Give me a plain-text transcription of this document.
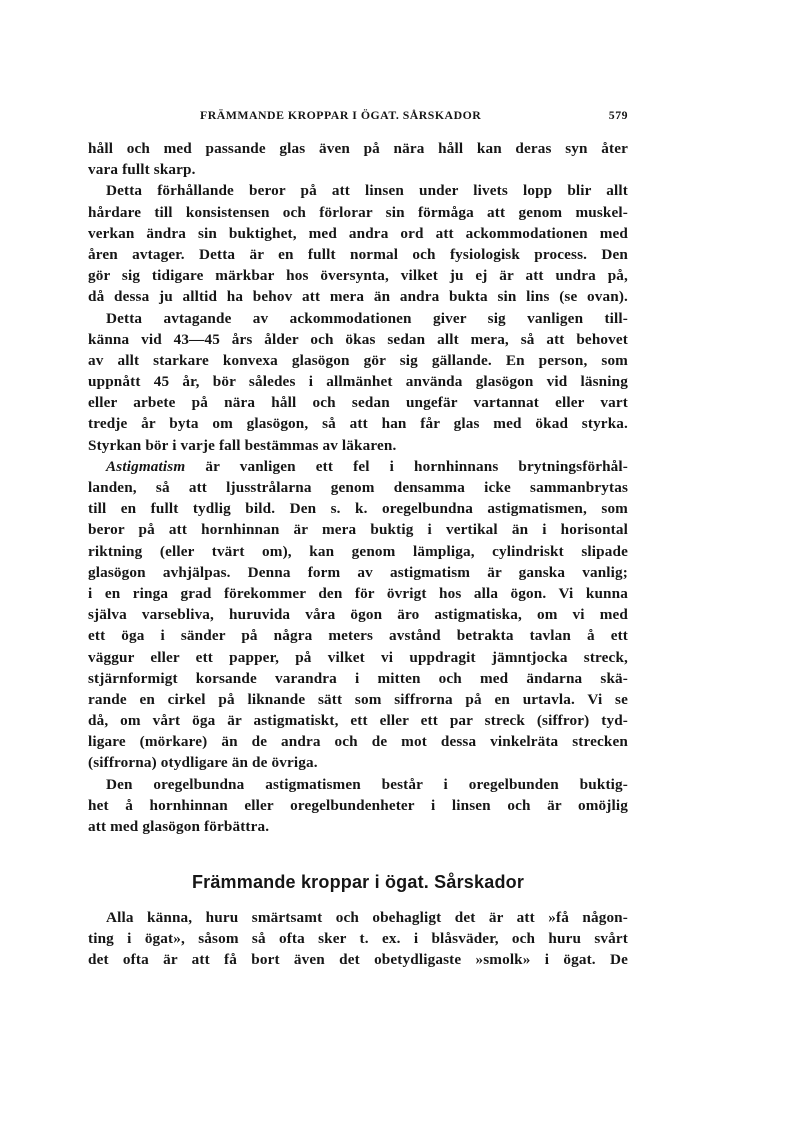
FRÄMMANDE KROPPAR I ÖGAT. SÅRSKADOR	579
håll och med passande glas även på nära håll kan deras syn åter
vara fullt skarp.
Detta förhållande beror på att linsen under livets lopp blir allt
hårdare till konsistensen och förlorar sin förmåga att genom muskel-
verkan ändra sin buktighet, med andra ord att ackommodationen med
åren avtager. Detta är en fullt normal och fysiologisk process. Den
gör sig tidigare märkbar hos översynta, vilket ju ej är att undra på,
då dessa ju alltid ha behov att mera än andra bukta sin lins (se ovan).
Detta avtagande av ackommodationen giver sig vanligen till-
känna vid 43—45 års ålder och ökas sedan allt mera, så att behovet
av allt starkare konvexa glasögon gör sig gällande. En person, som
uppnått 45 år, bör således i allmänhet använda glasögon vid läsning
eller arbete på nära håll och sedan ungefär vartannat eller vart
tredje år byta om glasögon, så att han får glas med ökad styrka.
Styrkan bör i varje fall bestämmas av läkaren.
Astigmatism är vanligen ett fel i hornhinnans brytningsförhål-
landen, så att ljusstrålarna genom densamma icke sammanbrytas
till en fullt tydlig bild. Den s. k. oregelbundna astigmatismen, som
beror på att hornhinnan är mera buktig i vertikal än i horisontal
riktning (eller tvärt om), kan genom lämpliga, cylindriskt slipade
glasögon avhjälpas. Denna form av astigmatism är ganska vanlig;
i en ringa grad förekommer den för övrigt hos alla ögon. Vi kunna
själva varsebliva, huruvida våra ögon äro astigmatiska, om vi med
ett öga i sänder på några meters avstånd betrakta tavlan å ett
väggur eller ett papper, på vilket vi uppdragit jämntjocka streck,
stjärnformigt korsande varandra i mitten och med ändarna skä-
rande en cirkel på liknande sätt som siffrorna på en urtavla. Vi se
då, om vårt öga är astigmatiskt, ett eller ett par streck (siffror) tyd-
ligare (mörkare) än de andra och de mot dessa vinkelräta strecken
(siffrorna) otydligare än de övriga.
Den oregelbundna astigmatismen består i oregelbunden buktig-
het å hornhinnan eller oregelbundenheter i linsen och är omöjlig
att med glasögon förbättra.
Främmande kroppar i ögat. Sårskador
Alla känna, huru smärtsamt och obehagligt det är att »få någon-
ting i ögat», såsom så ofta sker t. ex. i blåsväder, och huru svårt
det ofta är att få bort även det obetydligaste »smolk» i ögat. De
